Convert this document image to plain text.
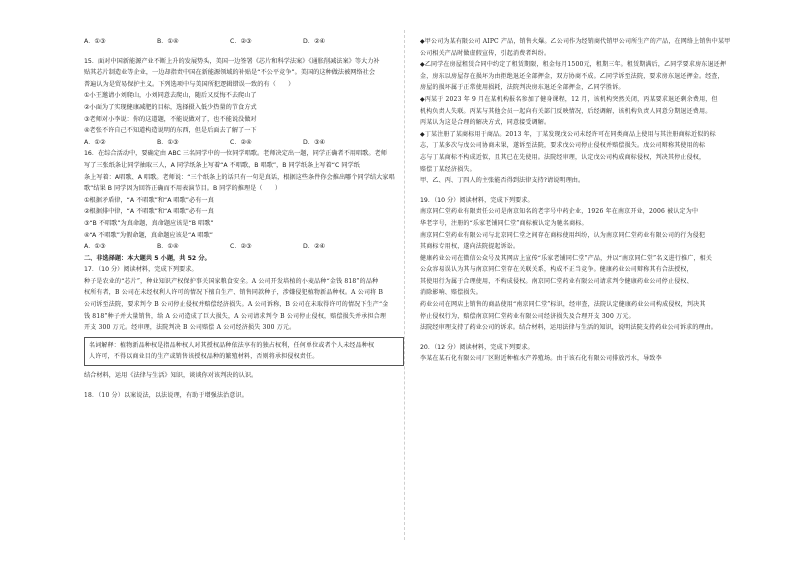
A．①③	B．①④	C．②③	D．②④

15．面对中国新能源产业不断上升的发展势头，美国一边签署《芯片和科学法案》《通胀削减法案》等大力补

贴其芯片制造业等企业，一边却指责中国在新能源领域的补贴是“不公平竞争”。美国的这种做法被网络社会

普遍认为是贸易保护主义。下列选项中与美国所犯逻辑错误一致的有（　　）

①小王邀请小刘爬山，小刘同意去爬山，随后又反悔不去爬山了

②小面为了实现健康减肥的目标，选择摄入低少热量的节食方式

③老师对小李说：你的这道题，不能说做对了，也不能说没做对

④老张不许自己不知道构造说明的东西，但是后面去了解了一下

A．①②	B．①③	C．②④	D．③④

16．在综合活动中，要确定由 ABC 三名同学中的一位同学唱歌。老师决定出一题，同学正确者不用唱歌。老师

写了三张纸条让同学抽取三人，A 同学纸条上写着“A 不唱歌，B 唱歌”，B 同学纸条上写着“C 同学纸

条上写着：A唱歌、A 唱歌。老师说：“三个纸条上的话只有一句是真话，根据这些条件你会推出哪个同学结大家唱

歌”结果 B 同学因为回答正确而不用表演节目。B 同学的推理是（　　）

①根据矛盾律，“A 不唱歌”和“A 唱歌”必有一真

②根据排中律，“A 不唱歌”和“A 唱歌”必有一真

③“B 不唱歌”为真命题，真命题应该是“B 唱歌”

④“A 不唱歌”为假命题，真命题应该是“A 唱歌”

A．①③	B．①④	C．②③	D．②④

二、非选择题：本大题共 5 小题，共 52 分。

17．（10 分）阅读材料，完成下列要求。

种子是农业的“芯片”，种业知识产权保护事关国家粮食安全。A 公司开发培植的小麦品种“金钱 818”的品种

权所有者，B 公司在未经权利人许可的情况下擅自生产、销售同款种子，涉嫌侵犯植物新品种权。A 公司将 B

公司诉至法院，要求判令 B 公司停止侵权并赔偿经济损失。A 公司诉称，B 公司在未取得许可的情况下生产“金

钱 818”种子并大量销售，给 A 公司造成了巨大损失，A 公司请求判令 B 公司停止侵权，赔偿损失并承担合理

开支 300 万元。经审理，法院判决 B 公司赔偿 A 公司经济损失 300 万元。

名词解释：植物新品种权是指品种权人对其授权品种依法享有的独占权利，任何单位或者个人未经品种权

人许可，不得以商业目的生产或销售该授权品种的繁殖材料，否则将承担侵权责任。

结合材料，运用《法律与生活》知识，谈谈你对该判决的认识。

18．（10 分）以案说法，以法说理，有助于增强法治意识。

◆甲公司为某有限公司 AIPC 产品，销售火爆。乙公司作为经销商代销甲公司所生产的产品，在网络上销售中某甲

公司相关产品时做虚假宣传，引起消费者纠纷。

◆乙同学在房屋租赁合同中约定了租赁期限，租金每月1500元，租期三年。租赁期满后，乙同学要求房东退还押

金，房东以房屋存在损坏为由拒绝退还全部押金，双方协商不成。乙同学诉至法院，要求房东退还押金。经查，

房屋的损坏属于正常使用损耗，法院判决房东退还全部押金，乙同学胜诉。

◆丙某于 2023 年 9 月在某机构报名参加了健身课程，12 月，该机构突然关闭，丙某要求退还剩余费用，但

机构负责人失联。丙某与其他会员一起向有关部门反映情况，后经调解，该机构负责人同意分期退还费用。

丙某认为这是合理的解决方式，同意接受调解。

◆丁某注册了某商标用于商品。2013 年，丁某发现戊公司未经许可在同类商品上使用与其注册商标近似的标

志，丁某多次与戊公司协商未果，遂诉至法院，要求戊公司停止侵权并赔偿损失。戊公司辩称其使用的标

志与丁某商标不构成近似，且其已在先使用。法院经审理，认定戊公司构成商标侵权，判决其停止侵权，

赔偿丁某经济损失。

甲、乙、丙、丁四人的主张能否得到法律支持?请说明理由。

19．（10 分）阅读材料，完成下列要求。

南京同仁堂药业有限责任公司是南京知名的老字号中药企业，1926 年在南京开业，2006 被认定为中

华老字号，注册的“乐家老铺同仁堂”商标被认定为驰名商标。

南京同仁堂药业有限公司与北京同仁堂之间存在商标使用纠纷，认为南京同仁堂药业有限公司的行为侵犯

其商标专用权，遂向法院提起诉讼。

健康药业公司在微信公众号及其网店上宣传“乐家老铺同仁堂”产品，并以“南京同仁堂”名义进行推广，相关

公众容易误认为其与南京同仁堂存在关联关系，构成不正当竞争。健康药业公司辩称其有合法授权，

其使用行为属于合理使用，不构成侵权。南京同仁堂药业有限公司请求判令健康药业公司停止侵权、

消除影响、赔偿损失。

药业公司在网店上销售的商品使用“南京同仁堂”标识，经审查，法院认定健康药业公司构成侵权，判决其

停止侵权行为，赔偿南京同仁堂药业有限公司经济损失及合理开支 300 万元。

法院经审理支持了药业公司的诉求。结合材料，运用法律与生活的知识，说明法院支持药业公司诉求的理由。

20．（12 分）阅读材料，完成下列要求。

李某在某石化有限公司厂区附近种植水产养殖场。由于该石化有限公司排放污水，导致李
